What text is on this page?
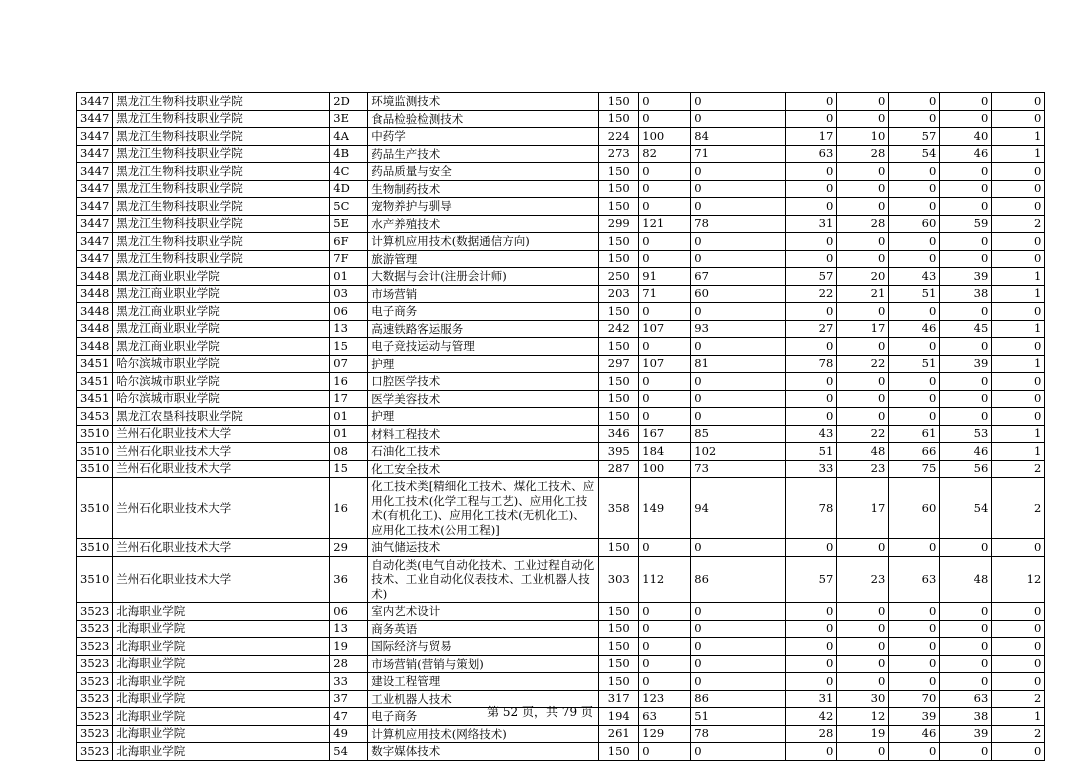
3447	黑龙江生物科技职业学院	2D	环境监测技术	150	0	0	0	0	0	0	0
3447	黑龙江生物科技职业学院	3E	食品检验检测技术	150	0	0	0	0	0	0	0
3447	黑龙江生物科技职业学院	4A	中药学	224	100	84	17	10	57	40	1
3447	黑龙江生物科技职业学院	4B	药品生产技术	273	82	71	63	28	54	46	1
3447	黑龙江生物科技职业学院	4C	药品质量与安全	150	0	0	0	0	0	0	0
3447	黑龙江生物科技职业学院	4D	生物制药技术	150	0	0	0	0	0	0	0
3447	黑龙江生物科技职业学院	5C	宠物养护与驯导	150	0	0	0	0	0	0	0
3447	黑龙江生物科技职业学院	5E	水产养殖技术	299	121	78	31	28	60	59	2
3447	黑龙江生物科技职业学院	6F	计算机应用技术(数据通信方向)	150	0	0	0	0	0	0	0
3447	黑龙江生物科技职业学院	7F	旅游管理	150	0	0	0	0	0	0	0
3448	黑龙江商业职业学院	01	大数据与会计(注册会计师)	250	91	67	57	20	43	39	1
3448	黑龙江商业职业学院	03	市场营销	203	71	60	22	21	51	38	1
3448	黑龙江商业职业学院	06	电子商务	150	0	0	0	0	0	0	0
3448	黑龙江商业职业学院	13	高速铁路客运服务	242	107	93	27	17	46	45	1
3448	黑龙江商业职业学院	15	电子竞技运动与管理	150	0	0	0	0	0	0	0
3451	哈尔滨城市职业学院	07	护理	297	107	81	78	22	51	39	1
3451	哈尔滨城市职业学院	16	口腔医学技术	150	0	0	0	0	0	0	0
3451	哈尔滨城市职业学院	17	医学美容技术	150	0	0	0	0	0	0	0
3453	黑龙江农垦科技职业学院	01	护理	150	0	0	0	0	0	0	0
3510	兰州石化职业技术大学	01	材料工程技术	346	167	85	43	22	61	53	1
3510	兰州石化职业技术大学	08	石油化工技术	395	184	102	51	48	66	46	1
3510	兰州石化职业技术大学	15	化工安全技术	287	100	73	33	23	75	56	2
3510	兰州石化职业技术大学	16	化工技术类[精细化工技术、煤化工技术、应用化工技术(化学工程与工艺)、应用化工技术(有机化工)、应用化工技术(无机化工)、应用化工技术(公用工程)]	358	149	94	78	17	60	54	2
3510	兰州石化职业技术大学	29	油气储运技术	150	0	0	0	0	0	0	0
3510	兰州石化职业技术大学	36	自动化类(电气自动化技术、工业过程自动化技术、工业自动化仪表技术、工业机器人技术)	303	112	86	57	23	63	48	12
3523	北海职业学院	06	室内艺术设计	150	0	0	0	0	0	0	0
3523	北海职业学院	13	商务英语	150	0	0	0	0	0	0	0
3523	北海职业学院	19	国际经济与贸易	150	0	0	0	0	0	0	0
3523	北海职业学院	28	市场营销(营销与策划)	150	0	0	0	0	0	0	0
3523	北海职业学院	33	建设工程管理	150	0	0	0	0	0	0	0
3523	北海职业学院	37	工业机器人技术	317	123	86	31	30	70	63	2
3523	北海职业学院	47	电子商务	194	63	51	42	12	39	38	1
3523	北海职业学院	49	计算机应用技术(网络技术)	261	129	78	28	19	46	39	2
3523	北海职业学院	54	数字媒体技术	150	0	0	0	0	0	0	0
第 52 页，共 79 页
